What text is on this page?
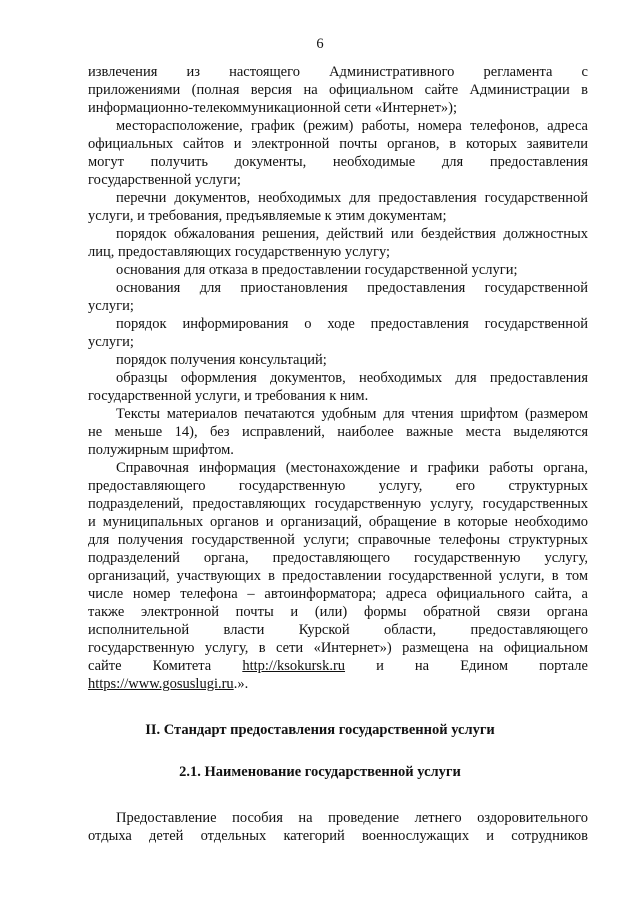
6
извлечения из настоящего Административного регламента с
приложениями (полная версия на официальном сайте Администрации в
информационно-телекоммуникационной сети «Интернет»);
месторасположение, график (режим) работы, номера телефонов, адреса
официальных сайтов и электронной почты органов, в которых заявители
могут получить документы, необходимые для предоставления
государственной услуги;
перечни документов, необходимых для предоставления государственной
услуги, и требования, предъявляемые к этим документам;
порядок обжалования решения, действий или бездействия должностных
лиц, предоставляющих государственную услугу;
основания для отказа в предоставлении государственной услуги;
основания для приостановления предоставления государственной
услуги;
порядок информирования о ходе предоставления государственной
услуги;
порядок получения консультаций;
образцы оформления документов, необходимых для предоставления
государственной услуги, и требования к ним.
Тексты материалов печатаются удобным для чтения шрифтом (размером
не меньше 14), без исправлений, наиболее важные места выделяются
полужирным шрифтом.
Справочная информация (местонахождение и графики работы органа,
предоставляющего государственную услугу, его структурных
подразделений, предоставляющих государственную услугу, государственных
и муниципальных органов и организаций, обращение в которые необходимо
для получения государственной услуги; справочные телефоны структурных
подразделений органа, предоставляющего государственную услугу,
организаций, участвующих в предоставлении государственной услуги, в том
числе номер телефона – автоинформатора; адреса официального сайта, а
также электронной почты и (или) формы обратной связи органа
исполнительной власти Курской области, предоставляющего
государственную услугу, в сети «Интернет») размещена на официальном
сайте Комитета http://ksokursk.ru и на Едином портале
https://www.gosuslugi.ru.».
II. Стандарт предоставления государственной услуги
2.1. Наименование государственной услуги
Предоставление пособия на проведение летнего оздоровительного
отдыха детей отдельных категорий военнослужащих и сотрудников
